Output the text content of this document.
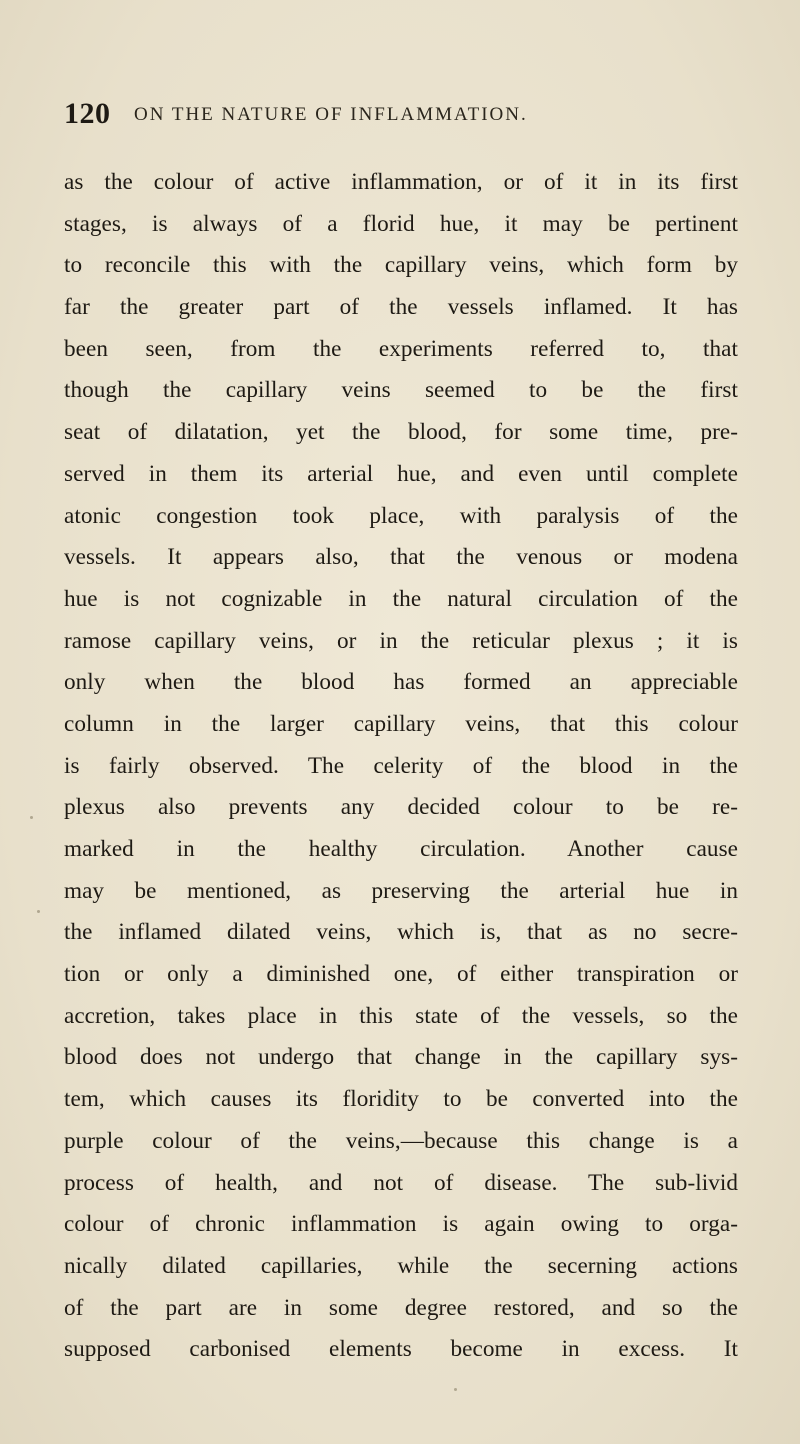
120 ON THE NATURE OF INFLAMMATION.
as the colour of active inflammation, or of it in its first
stages, is always of a florid hue, it may be pertinent
to reconcile this with the capillary veins, which form by
far the greater part of the vessels inflamed. It has
been seen, from the experiments referred to, that
though the capillary veins seemed to be the first
seat of dilatation, yet the blood, for some time, pre-
served in them its arterial hue, and even until complete
atonic congestion took place, with paralysis of the
vessels. It appears also, that the venous or modena
hue is not cognizable in the natural circulation of the
ramose capillary veins, or in the reticular plexus ; it is
only when the blood has formed an appreciable
column in the larger capillary veins, that this colour
is fairly observed. The celerity of the blood in the
plexus also prevents any decided colour to be re-
marked in the healthy circulation. Another cause
may be mentioned, as preserving the arterial hue in
the inflamed dilated veins, which is, that as no secre-
tion or only a diminished one, of either transpiration or
accretion, takes place in this state of the vessels, so the
blood does not undergo that change in the capillary sys-
tem, which causes its floridity to be converted into the
purple colour of the veins,—because this change is a
process of health, and not of disease. The sub-livid
colour of chronic inflammation is again owing to orga-
nically dilated capillaries, while the secerning actions
of the part are in some degree restored, and so the
supposed carbonised elements become in excess. It
